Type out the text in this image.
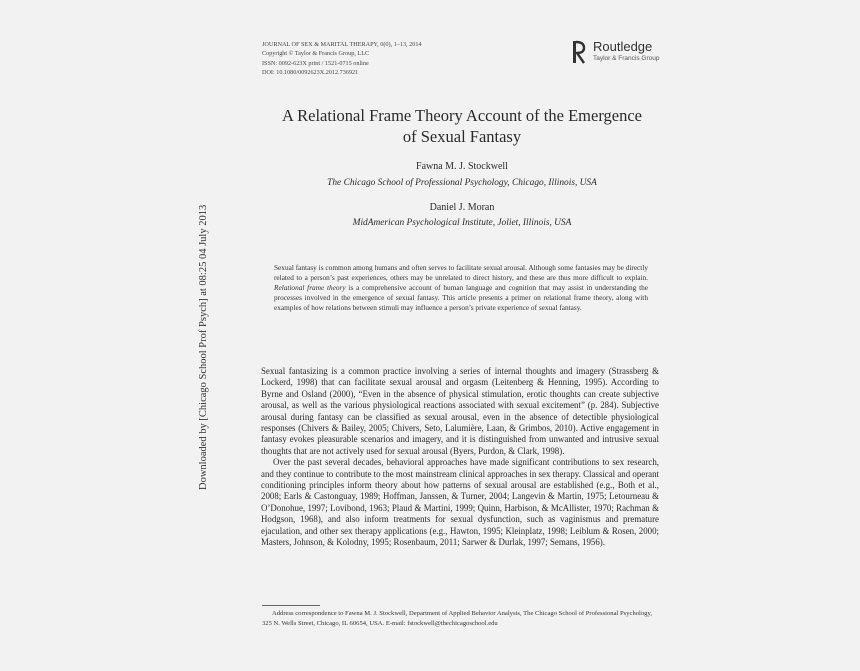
Downloaded by [Chicago School Prof Psych] at 08:25 04 July 2013
JOURNAL OF SEX & MARITAL THERAPY, 0(0), 1–13, 2014
Copyright © Taylor & Francis Group, LLC
ISSN: 0092-623X print / 1521-0715 online
DOI: 10.1080/0092623X.2012.736921
Routledge
Taylor & Francis Group
A Relational Frame Theory Account of the Emergence
of Sexual Fantasy
Fawna M. J. Stockwell
The Chicago School of Professional Psychology, Chicago, Illinois, USA
Daniel J. Moran
MidAmerican Psychological Institute, Joliet, Illinois, USA
Sexual fantasy is common among humans and often serves to facilitate sexual arousal. Although some fantasies may be directly related to a person’s past experiences, others may be unrelated to direct history, and these are thus more difficult to explain. Relational frame theory is a comprehensive account of human language and cognition that may assist in understanding the processes involved in the emergence of sexual fantasy. This article presents a primer on relational frame theory, along with examples of how relations between stimuli may influence a person’s private experience of sexual fantasy.

Sexual fantasizing is a common practice involving a series of internal thoughts and imagery (Strassberg & Lockerd, 1998) that can facilitate sexual arousal and orgasm (Leitenberg & Henning, 1995). According to Byrne and Osland (2000), “Even in the absence of physical stimulation, erotic thoughts can create subjective arousal, as well as the various physiological reactions associated with sexual excitement” (p. 284). Subjective arousal during fantasy can be classified as sexual arousal, even in the absence of detectible physiological responses (Chivers & Bailey, 2005; Chivers, Seto, Lalumière, Laan, & Grimbos, 2010). Active engagement in fantasy evokes pleasurable scenarios and imagery, and it is distinguished from unwanted and intrusive sexual thoughts that are not actively used for sexual arousal (Byers, Purdon, & Clark, 1998).

Over the past several decades, behavioral approaches have made significant contributions to sex research, and they continue to contribute to the most mainstream clinical approaches in sex therapy. Classical and operant conditioning principles inform theory about how patterns of sexual arousal are established (e.g., Both et al., 2008; Earls & Castonguay, 1989; Hoffman, Janssen, & Turner, 2004; Langevin & Martin, 1975; Letourneau & O’Donohue, 1997; Lovibond, 1963; Plaud & Martini, 1999; Quinn, Harbison, & McAllister, 1970; Rachman & Hodgson, 1968), and also inform treatments for sexual dysfunction, such as vaginismus and premature ejaculation, and other sex therapy applications (e.g., Hawton, 1995; Kleinplatz, 1998; Leiblum & Rosen, 2000; Masters, Johnson, & Kolodny, 1995; Rosenbaum, 2011; Sarwer & Durlak, 1997; Semans, 1956).

Address correspondence to Fawna M. J. Stockwell, Department of Applied Behavior Analysis, The Chicago School of Professional Psychology, 325 N. Wells Street, Chicago, IL 60654, USA. E-mail: fstockwell@thechicagoschool.edu
